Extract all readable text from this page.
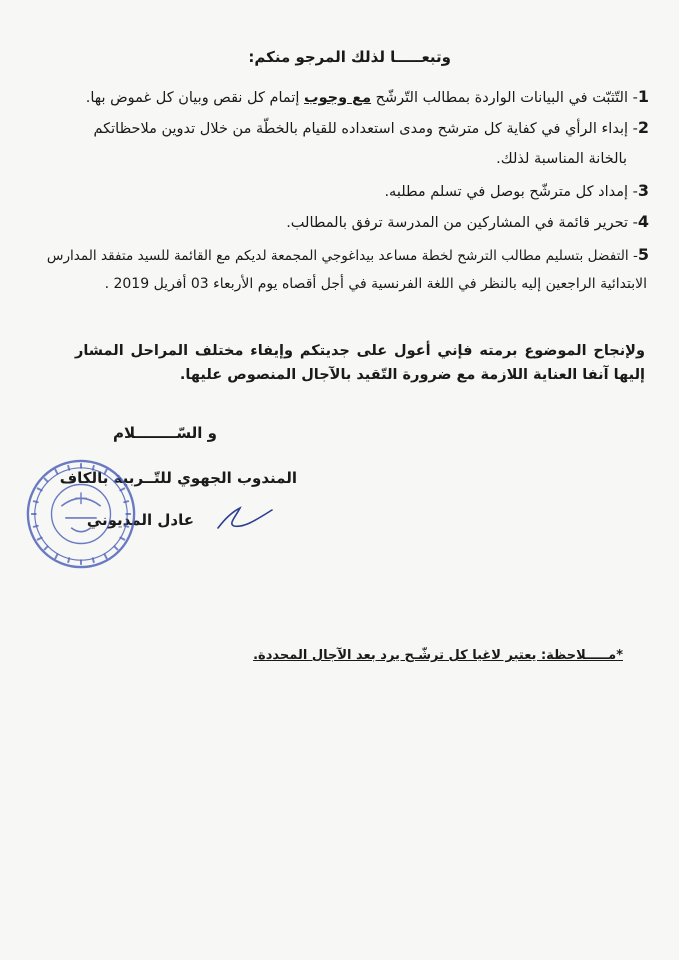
وتبعـــــا لذلك المرجو منكم:
1- التّثبّت في البيانات الواردة بمطالب التّرشّح مع وجوب إتمام كل نقص وبيان كل غموض بها.
2- إبداء الرأي في كفاية كل مترشح ومدى استعداده للقيام بالخطّة من خلال تدوين ملاحظاتكم
بالخانة المناسبة لذلك.
3- إمداد كل مترشّح بوصل في تسلم مطلبه.
4- تحرير قائمة في المشاركين من المدرسة ترفق بالمطالب.
5- التفضل بتسليم مطالب الترشح لخطة مساعد بيداغوجي المجمعة لديكم مع القائمة للسيد متفقد المدارس
الابتدائية الراجعين إليه بالنظر في اللغة الفرنسية في أجل أقصاه يوم الأربعاء 03 أفريل 2019 .

ولإنجاح الموضوع برمته فإني أعول على جديتكم وإيفاء مختلف المراحل المشار إليها آنفا العناية اللازمة مع ضرورة التّقيد بالآجال المنصوص عليها.

و السّــــــــلام
المندوب الجهوي للتّــربية بالكاف
عادل المديوني
*مـــــلاحظة: يعتبر لاغيا كل ترشّـح يرد بعد الآجال المحددة.
